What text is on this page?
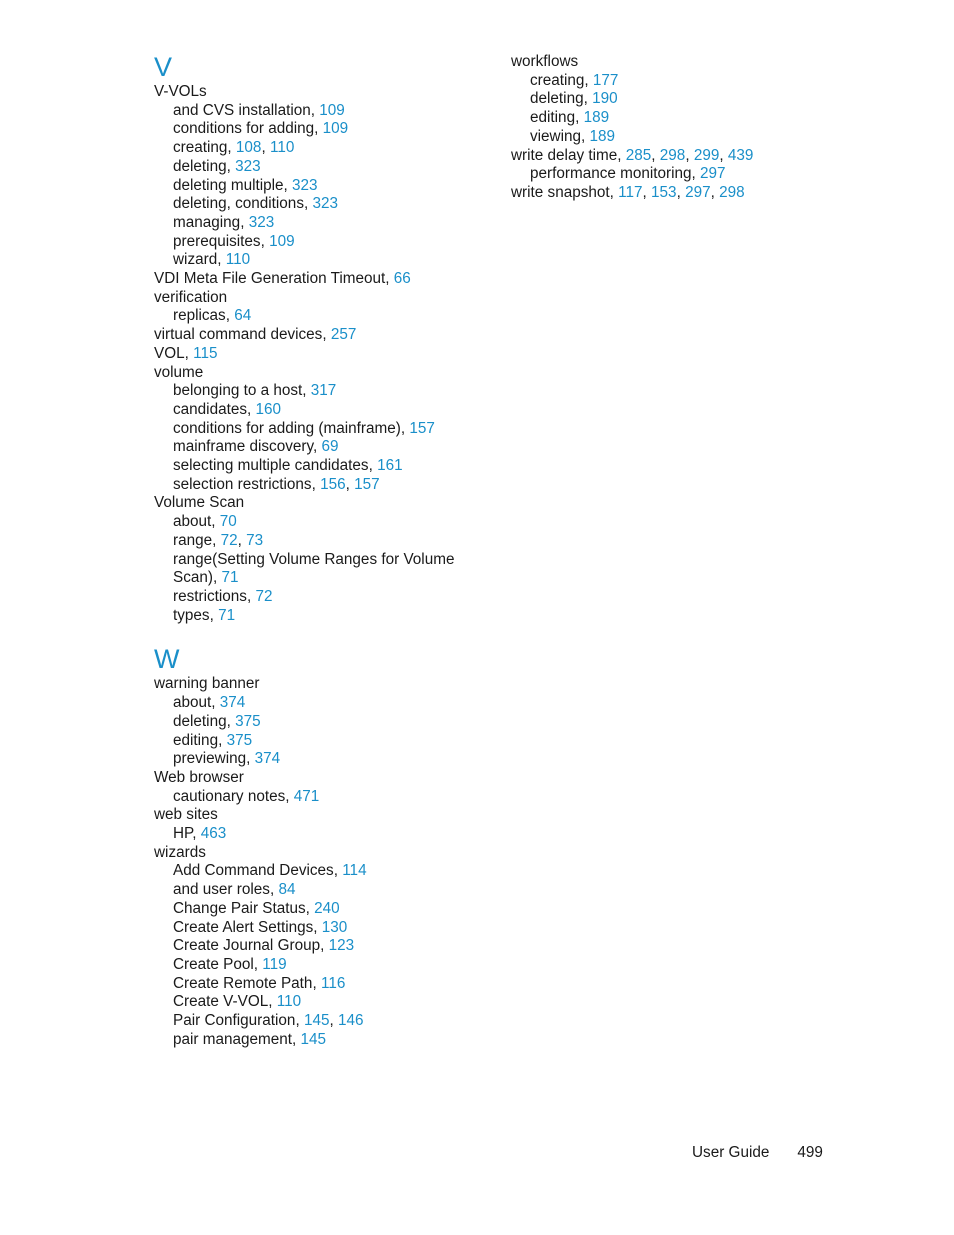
V
V-VOLs
and CVS installation, 109
conditions for adding, 109
creating, 108, 110
deleting, 323
deleting multiple, 323
deleting, conditions, 323
managing, 323
prerequisites, 109
wizard, 110
VDI Meta File Generation Timeout, 66
verification
replicas, 64
virtual command devices, 257
VOL, 115
volume
belonging to a host, 317
candidates, 160
conditions for adding (mainframe), 157
mainframe discovery, 69
selecting multiple candidates, 161
selection restrictions, 156, 157
Volume Scan
about, 70
range, 72, 73
range(Setting Volume Ranges for Volume Scan), 71
restrictions, 72
types, 71
W
warning banner
about, 374
deleting, 375
editing, 375
previewing, 374
Web browser
cautionary notes, 471
web sites
HP, 463
wizards
Add Command Devices, 114
and user roles, 84
Change Pair Status, 240
Create Alert Settings, 130
Create Journal Group, 123
Create Pool, 119
Create Remote Path, 116
Create V-VOL, 110
Pair Configuration, 145, 146
pair management, 145
workflows
creating, 177
deleting, 190
editing, 189
viewing, 189
write delay time, 285, 298, 299, 439
performance monitoring, 297
write snapshot, 117, 153, 297, 298
User Guide 499
